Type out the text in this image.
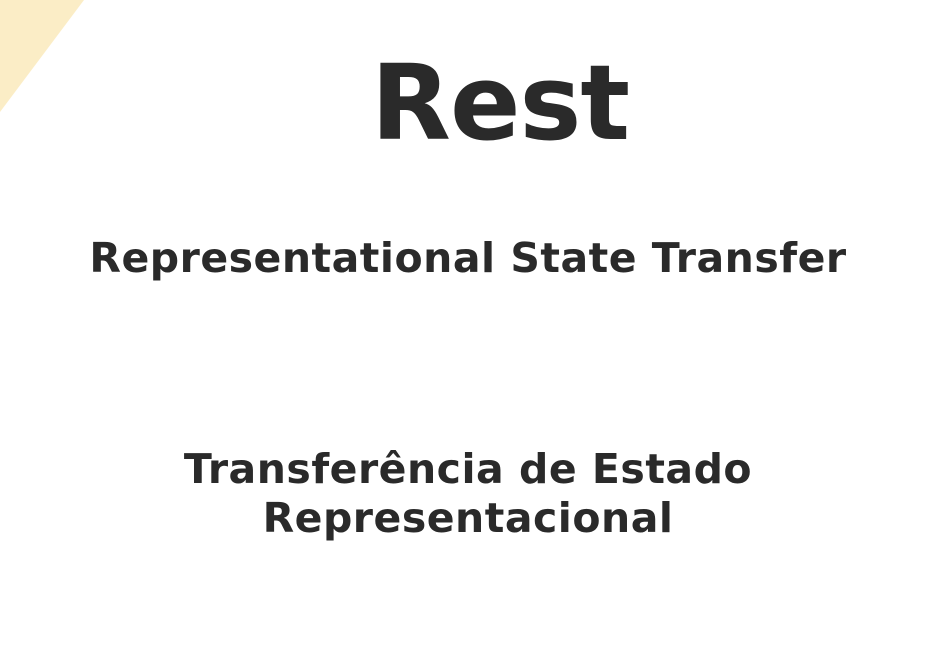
Rest
Representational State Transfer
Transferência de Estado
Representacional
